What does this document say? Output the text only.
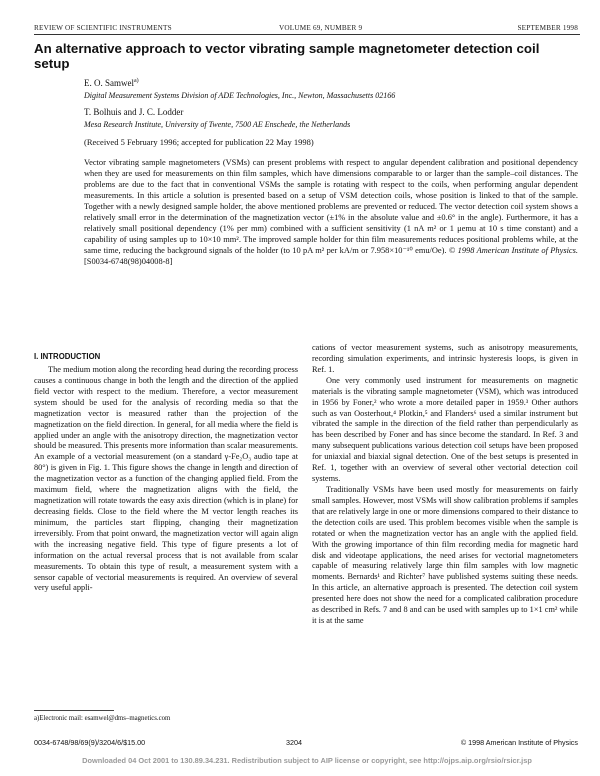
REVIEW OF SCIENTIFIC INSTRUMENTS	VOLUME 69, NUMBER 9	SEPTEMBER 1998
An alternative approach to vector vibrating sample magnetometer detection coil setup
E. O. Samwel$^{a)}$
Digital Measurement Systems Division of ADE Technologies, Inc., Newton, Massachusetts 02166
T. Bolhuis and J. C. Lodder
Mesa Research Institute, University of Twente, 7500 AE Enschede, the Netherlands
(Received 5 February 1996; accepted for publication 22 May 1998)
Vector vibrating sample magnetometers (VSMs) can present problems with respect to angular dependent calibration and positional dependency when they are used for measurements on thin film samples, which have dimensions comparable to or larger than the sample–coil distances. The problems are due to the fact that in conventional VSMs the sample is rotating with respect to the coils, when performing angular dependent measurements. In this article a solution is presented based on a setup of VSM detection coils, whose position is linked to that of the sample. Together with a newly designed sample holder, the above mentioned problems are prevented or reduced. The vector detection coil system shows a relatively small error in the determination of the magnetization vector (±1% in the absolute value and ±0.6° in the angle). Furthermore, it has a relatively small positional dependency (1% per mm) combined with a sufficient sensitivity (1 nA m² or 1 μemu at 10 s time constant) and a capability of using samples up to 10×10 mm². The improved sample holder for thin film measurements reduces positional problems while, at the same time, reducing the background signals of the holder (to 10 pA m² per kA/m or 7.958×10⁻¹⁰ emu/Oe). © 1998 American Institute of Physics. [S0034-6748(98)04008-8]
I. INTRODUCTION

The medium motion along the recording head during the recording process causes a continuous change in both the length and the direction of the applied field vector with respect to the medium. Therefore, a vector measurement system should be used for the analysis of recording media so that the magnetization vector is measured rather than the projection of the magnetization on the field direction. In general, for all media where the field is applied under an angle with the anisotropy direction, the magnetization vector should be measured. This presents more information than scalar measurements. An example of a vectorial measurement (on a standard γ-Fe₂O₃ audio tape at 80°) is given in Fig. 1. This figure shows the change in length and direction of the magnetization vector as a function of the changing applied field. From the maximum field, where the magnetization aligns with the field, the magnetization will rotate towards the easy axis direction (which is in plane) for decreasing fields. Close to the field where the M vector length reaches its minimum, the particles start flipping, changing their magnetization irreversibly. From that point onward, the magnetization vector will again align with the increasing negative field. This type of figure presents a lot of information on the actual reversal process that is not available from scalar measurements. To obtain this type of result, a measurement system with a sensor capable of vectorial measurements is required. An overview of several very useful appli-

a)Electronic mail: esamwel@dms–magnetics.com

cations of vector measurement systems, such as anisotropy measurements, recording simulation experiments, and intrinsic hysteresis loops, is given in Ref. 1.

One very commonly used instrument for measurements on magnetic materials is the vibrating sample magnetometer (VSM), which was introduced in 1956 by Foner,² who wrote a more detailed paper in 1959.³ Other authors such as van Oosterhout,⁴ Plotkin,⁵ and Flanders⁶ used a similar instrument but vibrated the sample in the direction of the field rather than perpendicularly as has been described by Foner and has since become the standard. In Ref. 3 and many subsequent publications various detection coil setups have been proposed for uniaxial and biaxial signal detection. One of the best setups is presented in Ref. 1, together with an overview of several other vectorial detection coil systems.

Traditionally VSMs have been used mostly for measurements on fairly small samples. However, most VSMs will show calibration problems if samples that are relatively large in one or more dimensions compared to their distance to the detection coils are used. This problem becomes visible when the sample is rotated or when the magnetization vector has an angle with the applied field. With the growing importance of thin film recording media for magnetic hard disk and videotape applications, the need arises for vectorial magnetometers capable of measuring relatively large thin film samples with low magnetic moments. Bernards¹ and Richter⁷ have published systems suiting these needs. In this article, an alternative approach is presented. The detection coil system presented here does not show the need for a complicated calibration procedure as described in Refs. 7 and 8 and can be used with samples up to 1×1 cm² while it is at the same

0034-6748/98/69(9)/3204/6/$15.00	3204	© 1998 American Institute of Physics
Downloaded 04 Oct 2001 to 130.89.34.231. Redistribution subject to AIP license or copyright, see http://ojps.aip.org/rsio/rsicr.jsp
